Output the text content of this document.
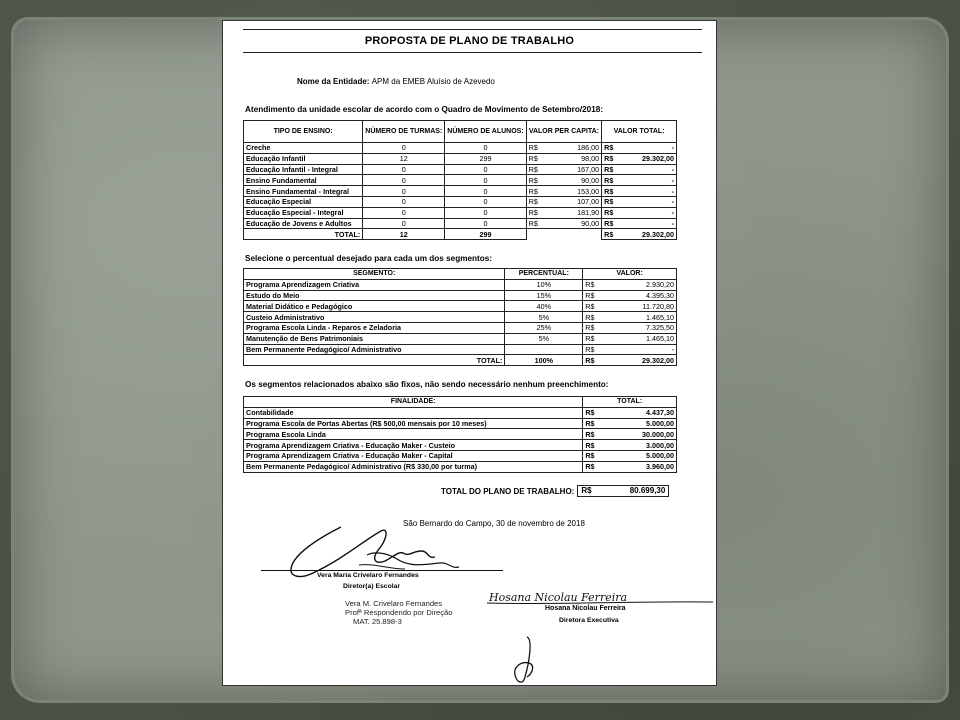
PROPOSTA DE PLANO DE TRABALHO
Nome da Entidade: APM da EMEB Aluísio de Azevedo
Atendimento da unidade escolar de acordo com o Quadro de Movimento de Setembro/2018:
TIPO DE ENSINO:	NÚMERO DE TURMAS:	NÚMERO DE ALUNOS:	VALOR PER CAPITA:		VALOR TOTAL:	
Creche	0	0	R$	186,00	R$	-
Educação Infantil	12	299	R$	98,00	R$	29.302,00
Educação Infantil - Integral	0	0	R$	167,00	R$	-
Ensino Fundamental	0	0	R$	90,00	R$	-
Ensino Fundamental - Integral	0	0	R$	153,00	R$	-
Educação Especial	0	0	R$	107,00	R$	-
Educação Especial - Integral	0	0	R$	181,90	R$	-
Educação de Jovens e Adultos	0	0	R$	90,00	R$	-
TOTAL:	12	299			R$	29.302,00
Selecione o percentual desejado para cada um dos segmentos:
SEGMENTO:	PERCENTUAL:	VALOR:	
Programa Aprendizagem Criativa	10%	R$	2.930,20
Estudo do Meio	15%	R$	4.395,30
Material Didático e Pedagógico	40%	R$	11.720,80
Custeio Administrativo	5%	R$	1.465,10
Programa Escola Linda - Reparos e Zeladoria	25%	R$	7.325,50
Manutenção de Bens Patrimoniais	5%	R$	1.465,10
Bem Permanente Pedagógico/ Administrativo		R$	-
TOTAL:	100%	R$	29.302,00
Os segmentos relacionados abaixo são fixos, não sendo necessário nenhum preenchimento:
FINALIDADE:	TOTAL:	
Contabilidade	R$	4.437,30
Programa Escola de Portas Abertas (R$ 500,00 mensais por 10 meses)	R$	5.000,00
Programa Escola Linda	R$	30.000,00
Programa Aprendizagem Criativa - Educação Maker - Custeio	R$	3.000,00
Programa Aprendizagem Criativa - Educação Maker - Capital	R$	5.000,00
Bem Permanente Pedagógico/ Administrativo (R$ 330,00 por turma)	R$	3.960,00
TOTAL DO PLANO DE TRABALHO: R$	80.699,30
São Bernardo do Campo, 30 de novembro de 2018
Vera Maria Crivelaro Fernandes
Diretor(a) Escolar
Vera M. Crivelaro Fernandes
Profª Respondendo por Direção
MAT. 25.898-3
Hosana Nicolau Ferreira
Hosana Nicolau Ferreira
Diretora Executiva
